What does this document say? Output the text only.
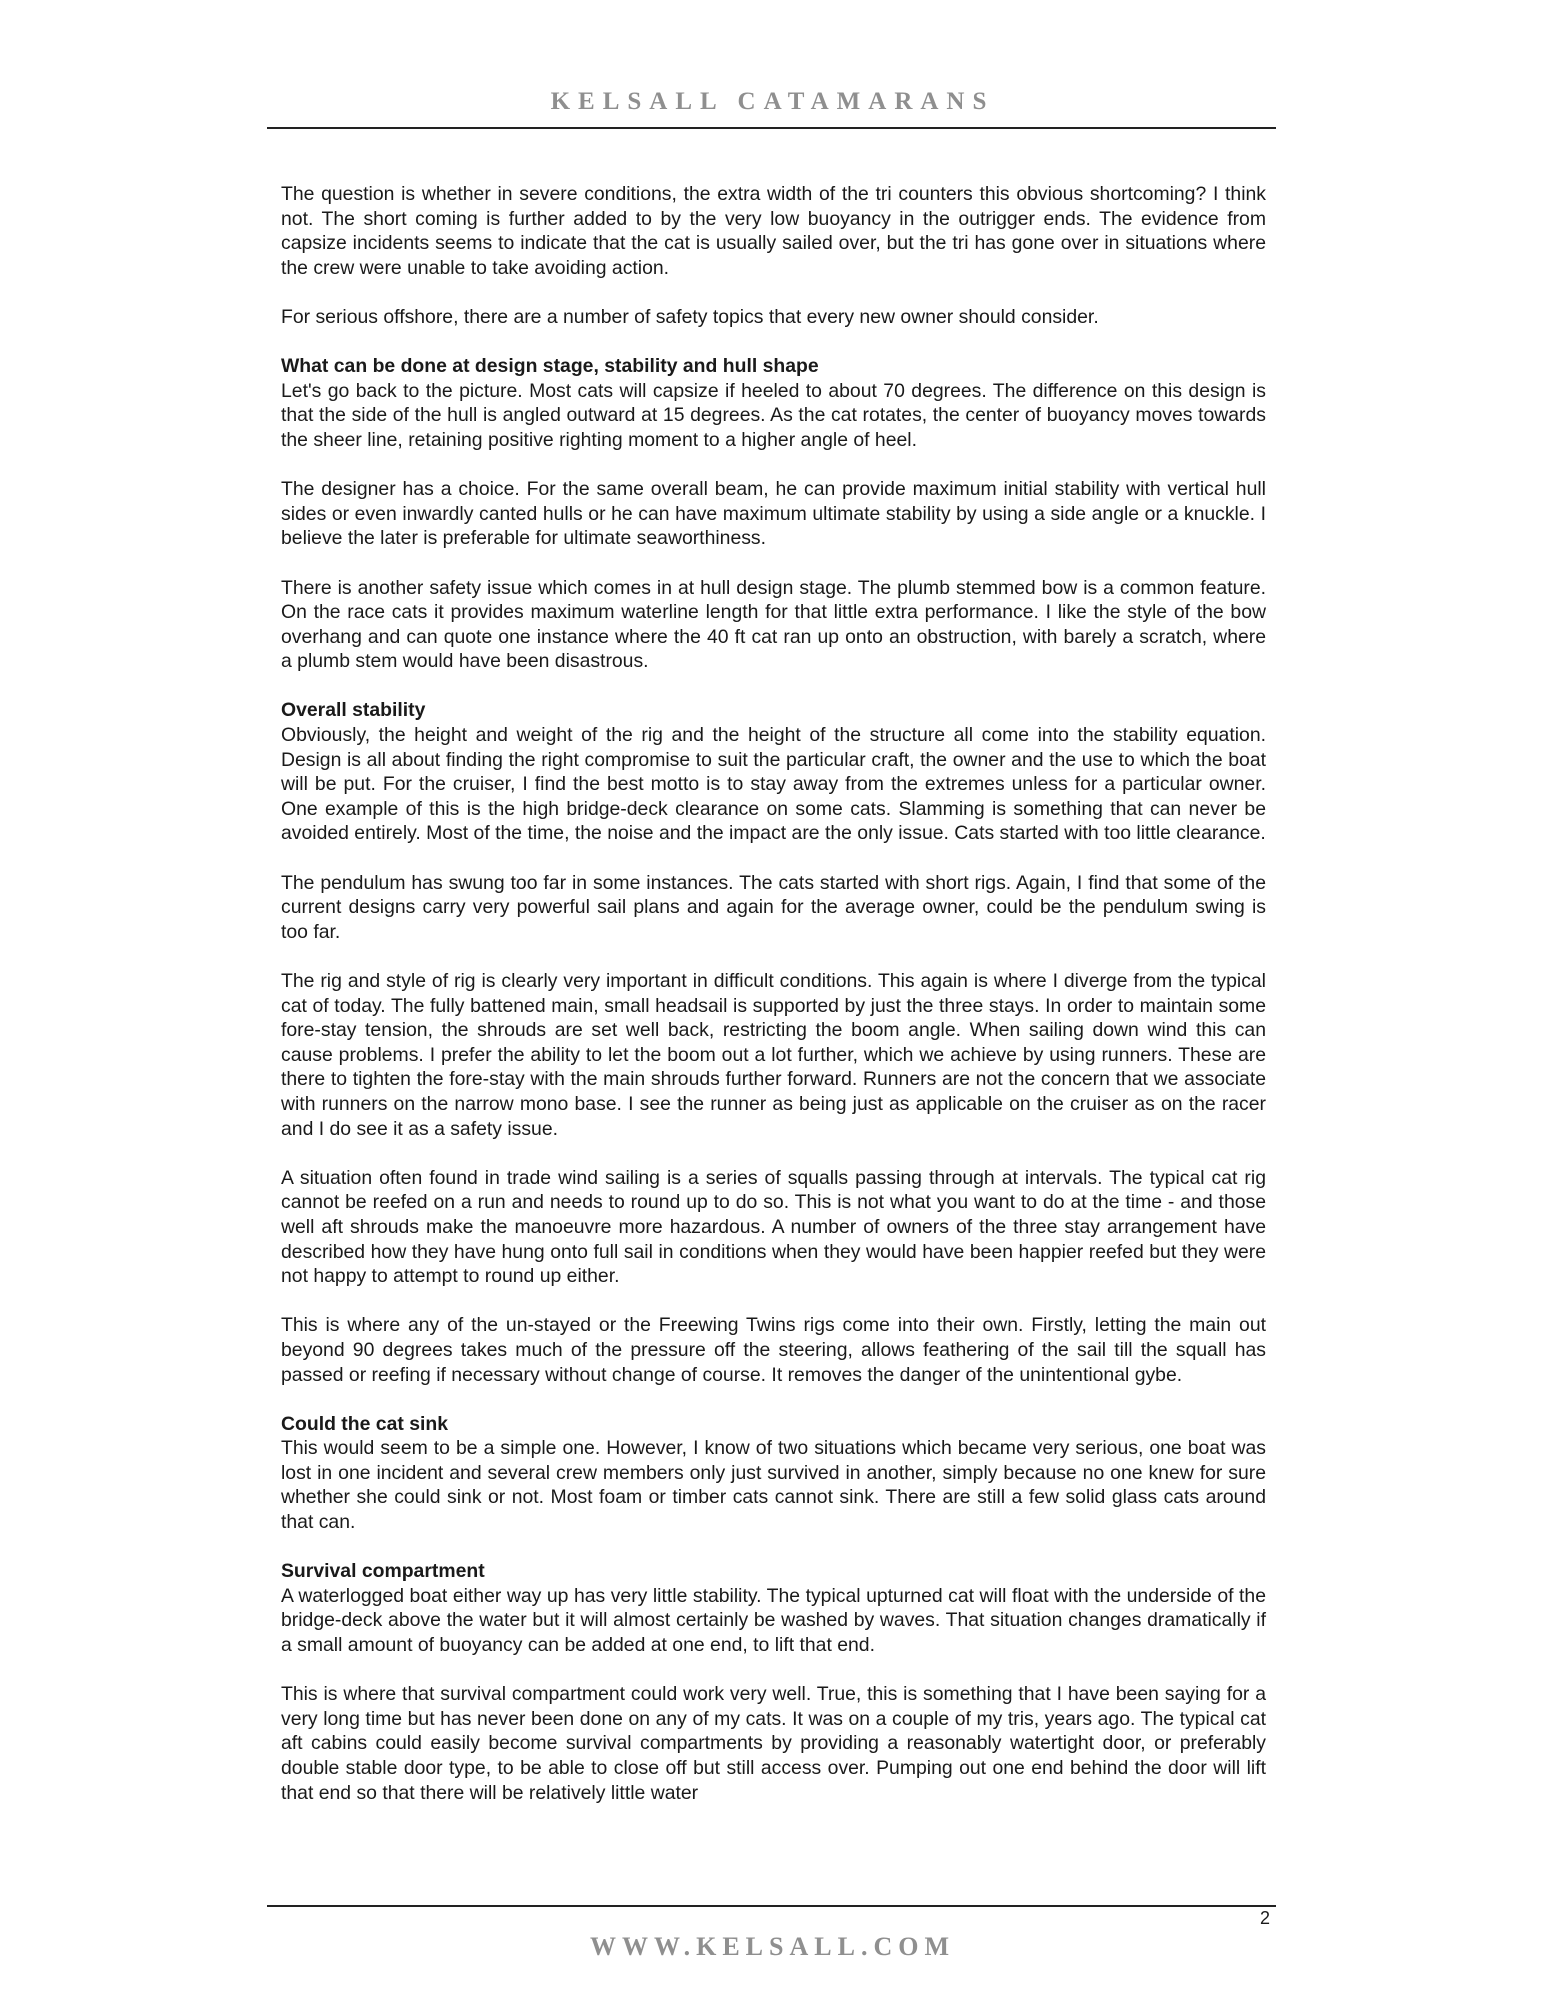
KELSALL CATAMARANS

The question is whether in severe conditions, the extra width of the tri counters this obvious shortcoming? I think not. The short coming is further added to by the very low buoyancy in the outrigger ends. The evidence from capsize incidents seems to indicate that the cat is usually sailed over, but the tri has gone over in situations where the crew were unable to take avoiding action.

For serious offshore, there are a number of safety topics that every new owner should consider.

What can be done at design stage, stability and hull shape

Let's go back to the picture. Most cats will capsize if heeled to about 70 degrees. The difference on this design is that the side of the hull is angled outward at 15 degrees. As the cat rotates, the center of buoyancy moves towards the sheer line, retaining positive righting moment to a higher angle of heel.

The designer has a choice. For the same overall beam, he can provide maximum initial stability with vertical hull sides or even inwardly canted hulls or he can have maximum ultimate stability by using a side angle or a knuckle. I believe the later is preferable for ultimate seaworthiness.

There is another safety issue which comes in at hull design stage. The plumb stemmed bow is a common feature. On the race cats it provides maximum waterline length for that little extra performance. I like the style of the bow overhang and can quote one instance where the 40 ft cat ran up onto an obstruction, with barely a scratch, where a plumb stem would have been disastrous.

Overall stability

Obviously, the height and weight of the rig and the height of the structure all come into the stability equation. Design is all about finding the right compromise to suit the particular craft, the owner and the use to which the boat will be put. For the cruiser, I find the best motto is to stay away from the extremes unless for a particular owner. One example of this is the high bridge-deck clearance on some cats. Slamming is something that can never be avoided entirely. Most of the time, the noise and the impact are the only issue. Cats started with too little clearance.

The pendulum has swung too far in some instances. The cats started with short rigs. Again, I find that some of the current designs carry very powerful sail plans and again for the average owner, could be the pendulum swing is too far.

The rig and style of rig is clearly very important in difficult conditions. This again is where I diverge from the typical cat of today. The fully battened main, small headsail is supported by just the three stays. In order to maintain some fore-stay tension, the shrouds are set well back, restricting the boom angle. When sailing down wind this can cause problems. I prefer the ability to let the boom out a lot further, which we achieve by using runners. These are there to tighten the fore-stay with the main shrouds further forward. Runners are not the concern that we associate with runners on the narrow mono base. I see the runner as being just as applicable on the cruiser as on the racer and I do see it as a safety issue.

A situation often found in trade wind sailing is a series of squalls passing through at intervals. The typical cat rig cannot be reefed on a run and needs to round up to do so. This is not what you want to do at the time - and those well aft shrouds make the manoeuvre more hazardous. A number of owners of the three stay arrangement have described how they have hung onto full sail in conditions when they would have been happier reefed but they were not happy to attempt to round up either.

This is where any of the un-stayed or the Freewing Twins rigs come into their own. Firstly, letting the main out beyond 90 degrees takes much of the pressure off the steering, allows feathering of the sail till the squall has passed or reefing if necessary without change of course. It removes the danger of the unintentional gybe.

Could the cat sink

This would seem to be a simple one. However, I know of two situations which became very serious, one boat was lost in one incident and several crew members only just survived in another, simply because no one knew for sure whether she could sink or not. Most foam or timber cats cannot sink. There are still a few solid glass cats around that can.

Survival compartment

A waterlogged boat either way up has very little stability. The typical upturned cat will float with the underside of the bridge-deck above the water but it will almost certainly be washed by waves. That situation changes dramatically if a small amount of buoyancy can be added at one end, to lift that end.

This is where that survival compartment could work very well. True, this is something that I have been saying for a very long time but has never been done on any of my cats. It was on a couple of my tris, years ago. The typical cat aft cabins could easily become survival compartments by providing a reasonably watertight door, or preferably double stable door type, to be able to close off but still access over. Pumping out one end behind the door will lift that end so that there will be relatively little water

2
WWW.KELSALL.COM
